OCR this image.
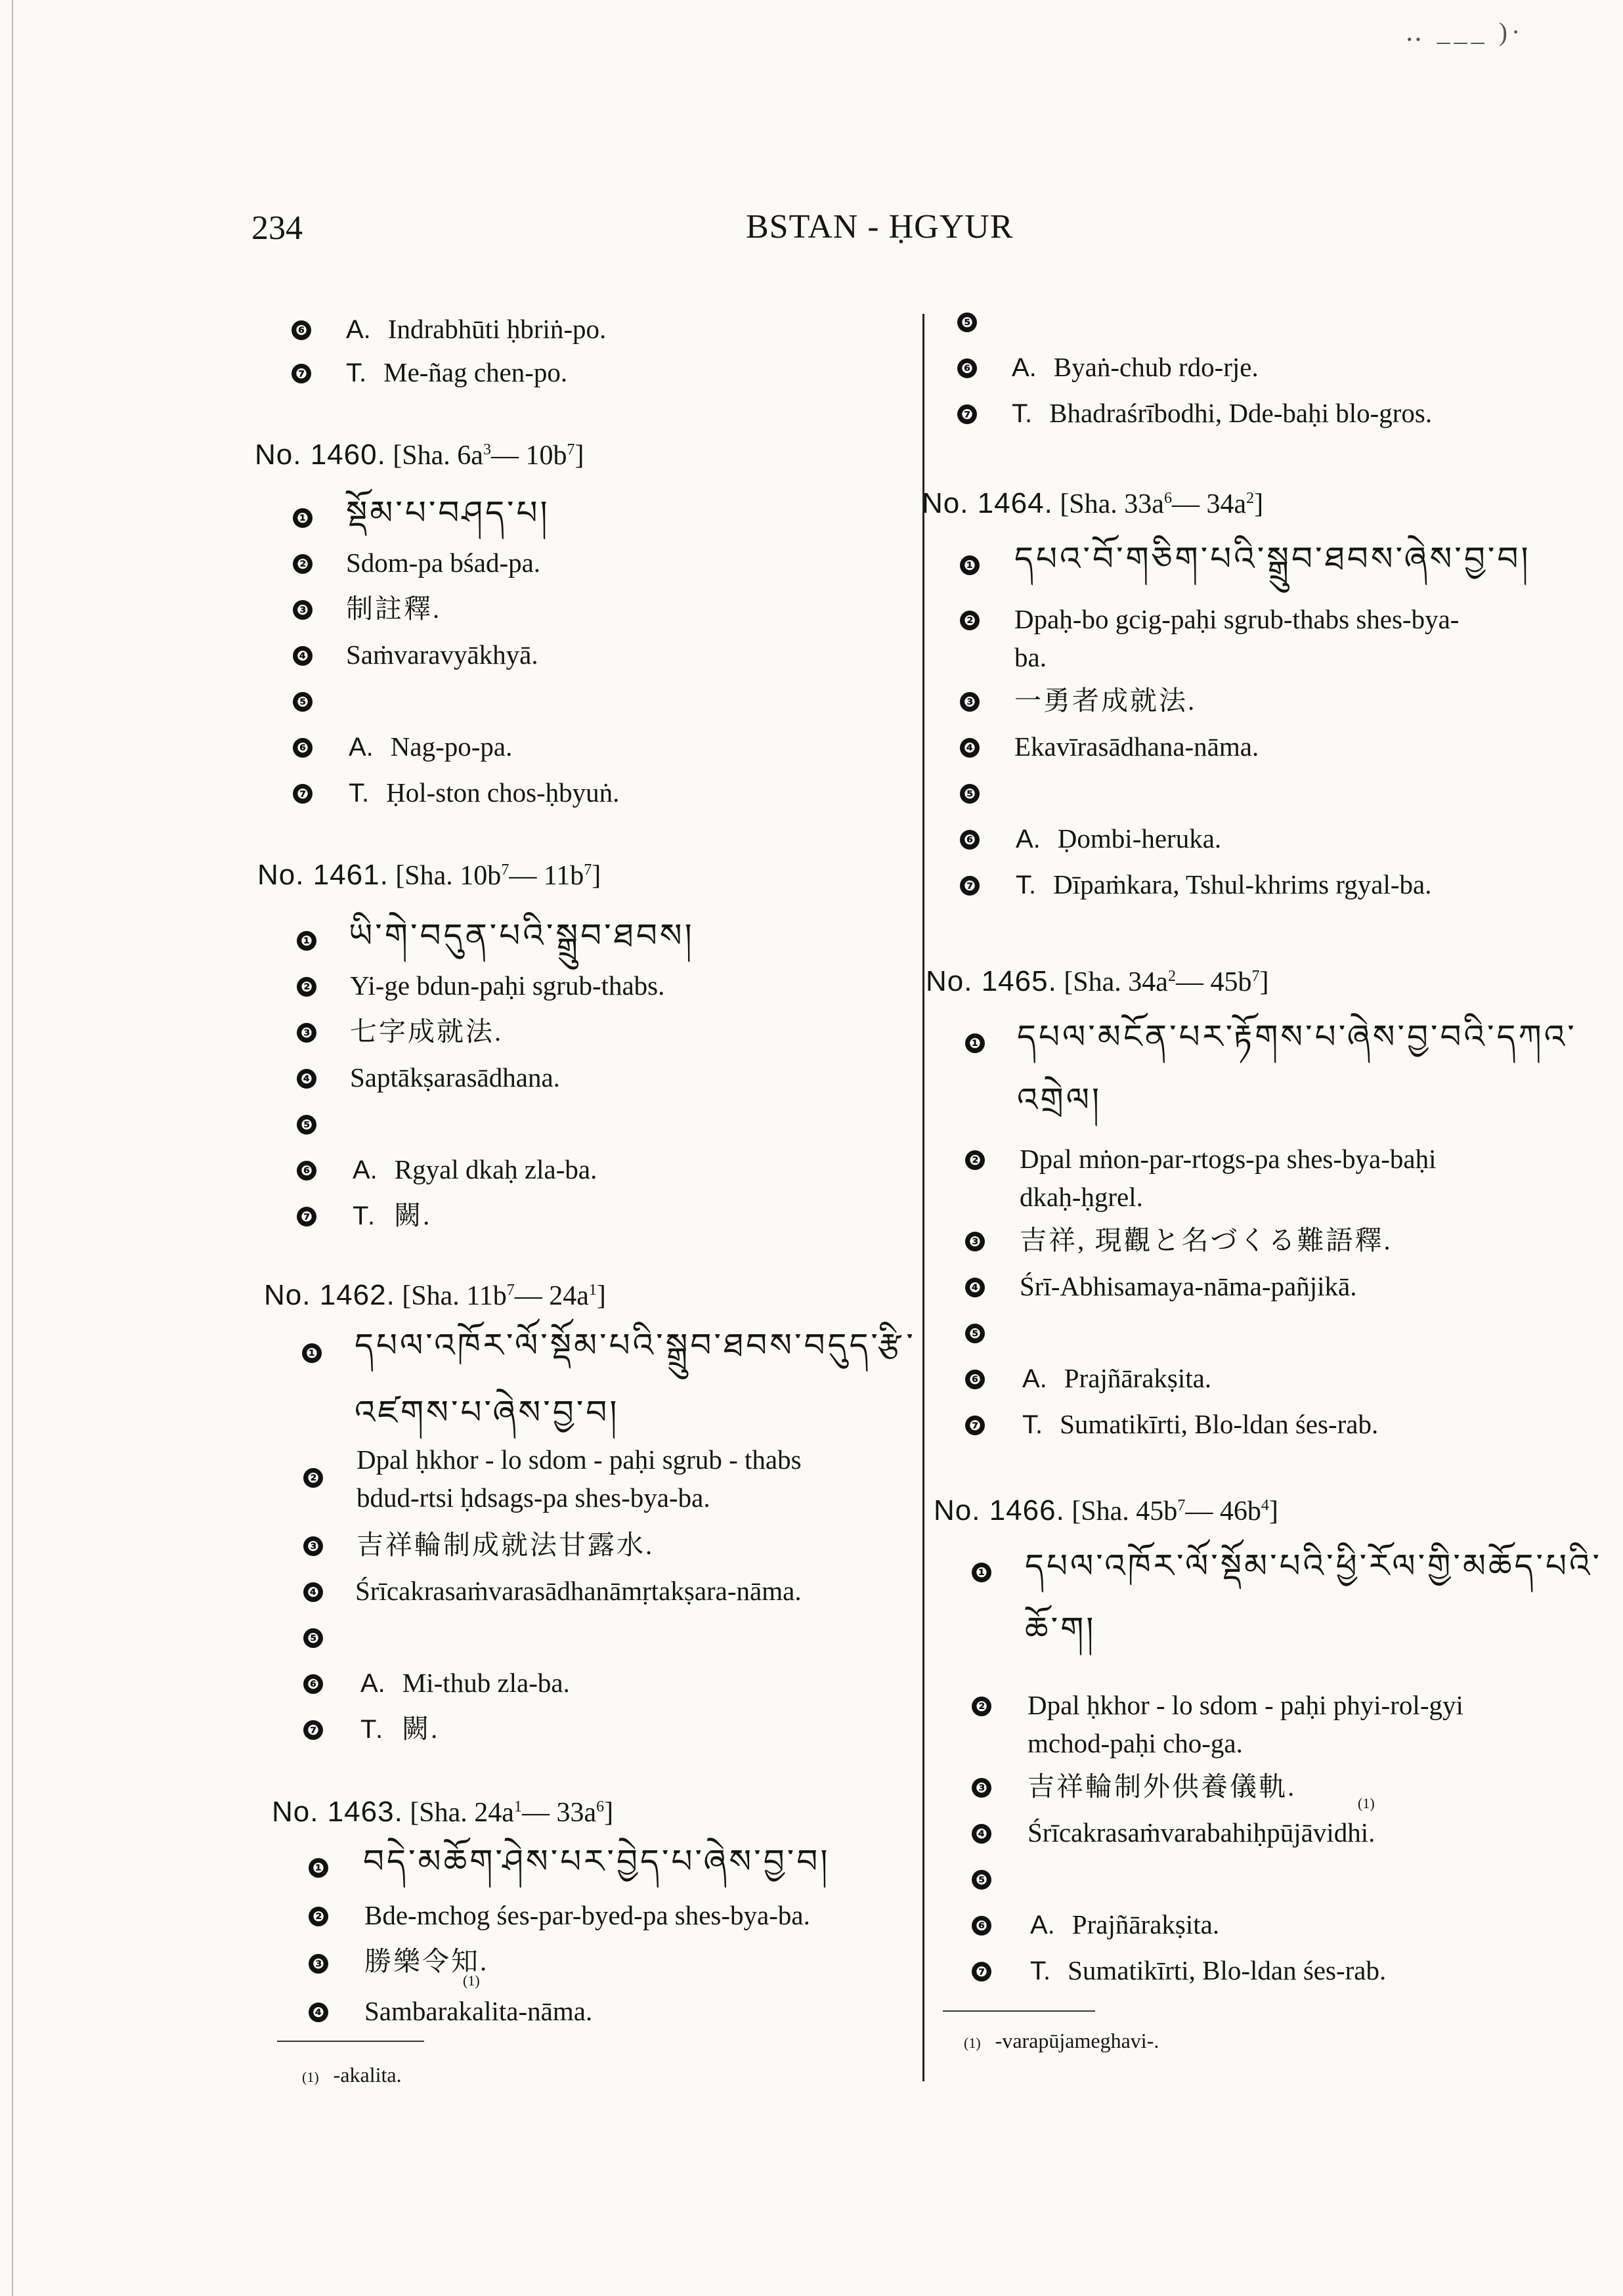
‥ ___ )·
234	BSTAN - ḤGYUR
❻ A. Indrabhūti ḥbriṅ-po.
❼ T. Me-ñag chen-po.
No. 1460. [Sha. $6a^3—$ $10b^7$]
❶ སྡོམ་པ་བཤད་པ།
❷ Sdom-pa bśad-pa.
❸ 制註釋.
❹ Saṁvaravyākhyā.
❺
❻ A. Nag-po-pa.
❼ T. Ḥol-ston chos-ḥbyuṅ.
No. 1461. [Sha. $10b^7—$ $11b^7$]
❶ ཡི་གེ་བདུན་པའི་སྒྲུབ་ཐབས།
❷ Yi-ge bdun-paḥi sgrub-thabs.
❸ 七字成就法.
❹ Saptākṣarasādhana.
❺
❻ A. Rgyal dkaḥ zla-ba.
❼ T. 闕.
No. 1462. [Sha. $11b^7—$ $24a^1$]
❶ དཔལ་འཁོར་ལོ་སྡོམ་པའི་སྒྲུབ་ཐབས་བདུད་རྩི་
འཛགས་པ་ཞེས་བྱ་བ།
❷
Dpal ḥkhor - lo sdom - paḥi sgrub - thabs
bdud-rtsi ḥdsags-pa shes-bya-ba.
❸ 吉祥輪制成就法甘露水.
❹ Śrīcakrasaṁvarasādhanāmṛtakṣara-nāma.
❺
❻ A. Mi-thub zla-ba.
❼ T. 闕.
No. 1463. [Sha. $24a^1—$ $33a^6$]
❶ བདེ་མཆོག་ཤེས་པར་བྱེད་པ་ཞེས་བྱ་བ།
❷ Bde-mchog śes-par-byed-pa shes-bya-ba.
❸ 勝樂令知.
(1)
❹ Sambarakalita-nāma.
(1) -akalita.
❺
❻ A. Byaṅ-chub rdo-rje.
❼ T. Bhadraśrībodhi, Dde-baḥi blo-gros.
No. 1464. [Sha. $33a^6—$ $34a^2$]
❶ དཔའ་བོ་གཅིག་པའི་སྒྲུབ་ཐབས་ཞེས་བྱ་བ།
❷ Dpaḥ-bo gcig-paḥi sgrub-thabs shes-bya-
ba.
❸ 一勇者成就法.
❹ Ekavīrasādhana-nāma.
❺
❻ A. Ḍombi-heruka.
❼ T. Dīpaṁkara, Tshul-khrims rgyal-ba.
No. 1465. [Sha. $34a^2—$ $45b^7$]
❶ དཔལ་མངོན་པར་རྟོགས་པ་ཞེས་བྱ་བའི་དཀའ་
འགྲེལ།
❷ Dpal mṅon-par-rtogs-pa shes-bya-baḥi
dkaḥ-ḥgrel.
❸ 吉祥, 現觀と名づくる難語釋.
❹ Śrī-Abhisamaya-nāma-pañjikā.
❺
❻ A. Prajñārakṣita.
❼ T. Sumatikīrti, Blo-ldan śes-rab.
No. 1466. [Sha. $45b^7—$ $46b^4$]
❶ དཔལ་འཁོར་ལོ་སྡོམ་པའི་ཕྱི་རོལ་གྱི་མཆོད་པའི་
ཆོ་ག།
❷ Dpal ḥkhor - lo sdom - paḥi phyi-rol-gyi
mchod-paḥi cho-ga.
❸ 吉祥輪制外供養儀軌.
(1)
❹ Śrīcakrasaṁvarabahiḥpūjāvidhi.
❺
❻ A. Prajñārakṣita.
❼ T. Sumatikīrti, Blo-ldan śes-rab.
(1) -varapūjameghavi-.
